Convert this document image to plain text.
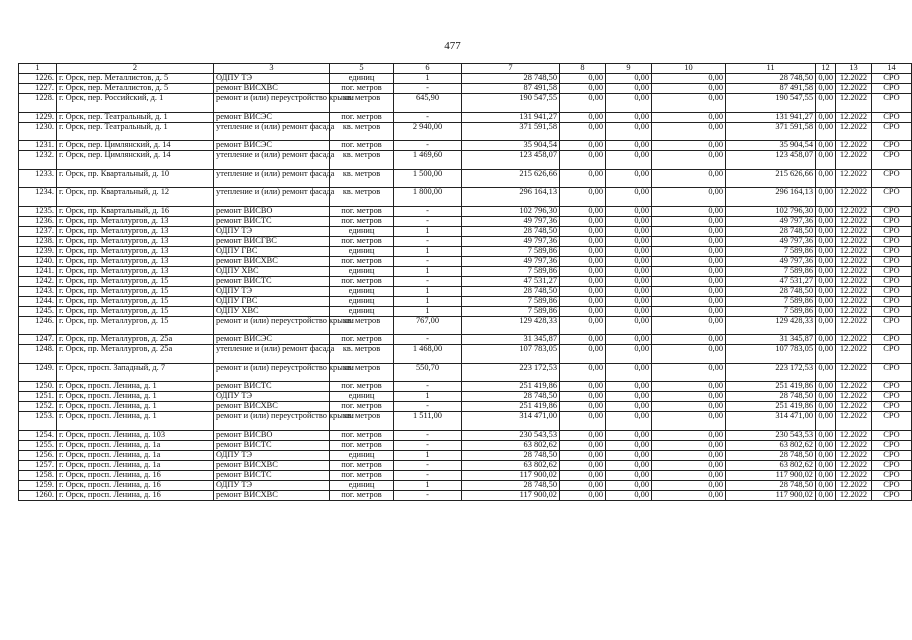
477
1	2	3	5	6	7	8	9	10	11	12	13	14
1226.	г. Орск, пер. Металлистов, д. 5	ОДПУ ТЭ	единиц	1	28 748,50	0,00	0,00	0,00	28 748,50	0,00	12.2022	СРО
1227.	г. Орск, пер. Металлистов, д. 5	ремонт ВИСХВС	пог. метров	-	87 491,58	0,00	0,00	0,00	87 491,58	0,00	12.2022	СРО
1228.	г. Орск, пер. Российский, д. 1	ремонт и (или) переустройство крыши	кв. метров	645,90	190 547,55	0,00	0,00	0,00	190 547,55	0,00	12.2022	СРО
1229.	г. Орск, пер. Театральный, д. 1	ремонт ВИСЭС	пог. метров	-	131 941,27	0,00	0,00	0,00	131 941,27	0,00	12.2022	СРО
1230.	г. Орск, пер. Театральный, д. 1	утепление и (или) ремонт фасада	кв. метров	2 940,00	371 591,58	0,00	0,00	0,00	371 591,58	0,00	12.2022	СРО
1231.	г. Орск, пер. Цимлянский, д. 14	ремонт ВИСЭС	пог. метров	-	35 904,54	0,00	0,00	0,00	35 904,54	0,00	12.2022	СРО
1232.	г. Орск, пер. Цимлянский, д. 14	утепление и (или) ремонт фасада	кв. метров	1 469,60	123 458,07	0,00	0,00	0,00	123 458,07	0,00	12.2022	СРО
1233.	г. Орск, пр. Квартальный, д. 10	утепление и (или) ремонт фасада	кв. метров	1 500,00	215 626,66	0,00	0,00	0,00	215 626,66	0,00	12.2022	СРО
1234.	г. Орск, пр. Квартальный, д. 12	утепление и (или) ремонт фасада	кв. метров	1 800,00	296 164,13	0,00	0,00	0,00	296 164,13	0,00	12.2022	СРО
1235.	г. Орск, пр. Квартальный, д. 16	ремонт ВИСВО	пог. метров	-	102 796,30	0,00	0,00	0,00	102 796,30	0,00	12.2022	СРО
1236.	г. Орск, пр. Металлургов, д. 13	ремонт ВИСТС	пог. метров	-	49 797,36	0,00	0,00	0,00	49 797,36	0,00	12.2022	СРО
1237.	г. Орск, пр. Металлургов, д. 13	ОДПУ ТЭ	единиц	1	28 748,50	0,00	0,00	0,00	28 748,50	0,00	12.2022	СРО
1238.	г. Орск, пр. Металлургов, д. 13	ремонт ВИСГВС	пог. метров	-	49 797,36	0,00	0,00	0,00	49 797,36	0,00	12.2022	СРО
1239.	г. Орск, пр. Металлургов, д. 13	ОДПУ ГВС	единиц	1	7 589,86	0,00	0,00	0,00	7 589,86	0,00	12.2022	СРО
1240.	г. Орск, пр. Металлургов, д. 13	ремонт ВИСХВС	пог. метров	-	49 797,36	0,00	0,00	0,00	49 797,36	0,00	12.2022	СРО
1241.	г. Орск, пр. Металлургов, д. 13	ОДПУ ХВС	единиц	1	7 589,86	0,00	0,00	0,00	7 589,86	0,00	12.2022	СРО
1242.	г. Орск, пр. Металлургов, д. 15	ремонт ВИСТС	пог. метров	-	47 531,27	0,00	0,00	0,00	47 531,27	0,00	12.2022	СРО
1243.	г. Орск, пр. Металлургов, д. 15	ОДПУ ТЭ	единиц	1	28 748,50	0,00	0,00	0,00	28 748,50	0,00	12.2022	СРО
1244.	г. Орск, пр. Металлургов, д. 15	ОДПУ ГВС	единиц	1	7 589,86	0,00	0,00	0,00	7 589,86	0,00	12.2022	СРО
1245.	г. Орск, пр. Металлургов, д. 15	ОДПУ ХВС	единиц	1	7 589,86	0,00	0,00	0,00	7 589,86	0,00	12.2022	СРО
1246.	г. Орск, пр. Металлургов, д. 15	ремонт и (или) переустройство крыши	кв. метров	767,00	129 428,33	0,00	0,00	0,00	129 428,33	0,00	12.2022	СРО
1247.	г. Орск, пр. Металлургов, д. 25а	ремонт ВИСЭС	пог. метров	-	31 345,87	0,00	0,00	0,00	31 345,87	0,00	12.2022	СРО
1248.	г. Орск, пр. Металлургов, д. 25а	утепление и (или) ремонт фасада	кв. метров	1 468,00	107 783,05	0,00	0,00	0,00	107 783,05	0,00	12.2022	СРО
1249.	г. Орск, просп. Западный, д. 7	ремонт и (или) переустройство крыши	кв. метров	550,70	223 172,53	0,00	0,00	0,00	223 172,53	0,00	12.2022	СРО
1250.	г. Орск, просп. Ленина, д. 1	ремонт ВИСТС	пог. метров	-	251 419,86	0,00	0,00	0,00	251 419,86	0,00	12.2022	СРО
1251.	г. Орск, просп. Ленина, д. 1	ОДПУ ТЭ	единиц	1	28 748,50	0,00	0,00	0,00	28 748,50	0,00	12.2022	СРО
1252.	г. Орск, просп. Ленина, д. 1	ремонт ВИСХВС	пог. метров	-	251 419,86	0,00	0,00	0,00	251 419,86	0,00	12.2022	СРО
1253.	г. Орск, просп. Ленина, д. 1	ремонт и (или) переустройство крыши	кв. метров	1 511,00	314 471,00	0,00	0,00	0,00	314 471,00	0,00	12.2022	СРО
1254.	г. Орск, просп. Ленина, д. 103	ремонт ВИСВО	пог. метров	-	230 543,53	0,00	0,00	0,00	230 543,53	0,00	12.2022	СРО
1255.	г. Орск, просп. Ленина, д. 1а	ремонт ВИСТС	пог. метров	-	63 802,62	0,00	0,00	0,00	63 802,62	0,00	12.2022	СРО
1256.	г. Орск, просп. Ленина, д. 1а	ОДПУ ТЭ	единиц	1	28 748,50	0,00	0,00	0,00	28 748,50	0,00	12.2022	СРО
1257.	г. Орск, просп. Ленина, д. 1а	ремонт ВИСХВС	пог. метров	-	63 802,62	0,00	0,00	0,00	63 802,62	0,00	12.2022	СРО
1258.	г. Орск, просп. Ленина, д. 16	ремонт ВИСТС	пог. метров	-	117 900,02	0,00	0,00	0,00	117 900,02	0,00	12.2022	СРО
1259.	г. Орск, просп. Ленина, д. 16	ОДПУ ТЭ	единиц	1	28 748,50	0,00	0,00	0,00	28 748,50	0,00	12.2022	СРО
1260.	г. Орск, просп. Ленина, д. 16	ремонт ВИСХВС	пог. метров	-	117 900,02	0,00	0,00	0,00	117 900,02	0,00	12.2022	СРО
